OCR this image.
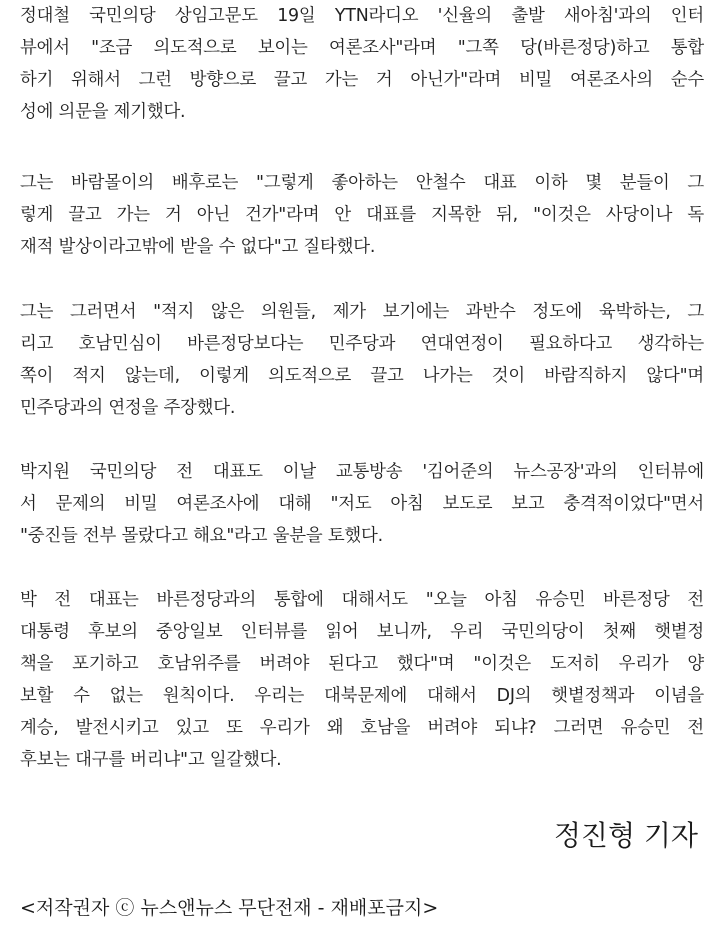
정대철 국민의당 상임고문도 19일 YTN라디오 '신율의 출발 새아침'과의 인터
뷰에서 "조금 의도적으로 보이는 여론조사"라며 "그쪽 당(바른정당)하고 통합
하기 위해서 그런 방향으로 끌고 가는 거 아닌가"라며 비밀 여론조사의 순수
성에 의문을 제기했다.

그는 바람몰이의 배후로는 "그렇게 좋아하는 안철수 대표 이하 몇 분들이 그
렇게 끌고 가는 거 아닌 건가"라며 안 대표를 지목한 뒤, "이것은 사당이나 독
재적 발상이라고밖에 받을 수 없다"고 질타했다.

그는 그러면서 "적지 않은 의원들, 제가 보기에는 과반수 정도에 육박하는, 그
리고 호남민심이 바른정당보다는 민주당과 연대연정이 필요하다고 생각하는
쪽이 적지 않는데, 이렇게 의도적으로 끌고 나가는 것이 바람직하지 않다"며
민주당과의 연정을 주장했다.

박지원 국민의당 전 대표도 이날 교통방송 '김어준의 뉴스공장'과의 인터뷰에
서 문제의 비밀 여론조사에 대해 "저도 아침 보도로 보고 충격적이었다"면서
"중진들 전부 몰랐다고 해요"라고 울분을 토했다.

박 전 대표는 바른정당과의 통합에 대해서도 "오늘 아침 유승민 바른정당 전
대통령 후보의 중앙일보 인터뷰를 읽어 보니까, 우리 국민의당이 첫째 햇볕정
책을 포기하고 호남위주를 버려야 된다고 했다"며 "이것은 도저히 우리가 양
보할 수 없는 원칙이다. 우리는 대북문제에 대해서 DJ의 햇볕정책과 이념을
계승, 발전시키고 있고 또 우리가 왜 호남을 버려야 되냐? 그러면 유승민 전
후보는 대구를 버리냐"고 일갈했다.

정진형 기자
<저작권자 ⓒ 뉴스앤뉴스 무단전재 - 재배포금지>
